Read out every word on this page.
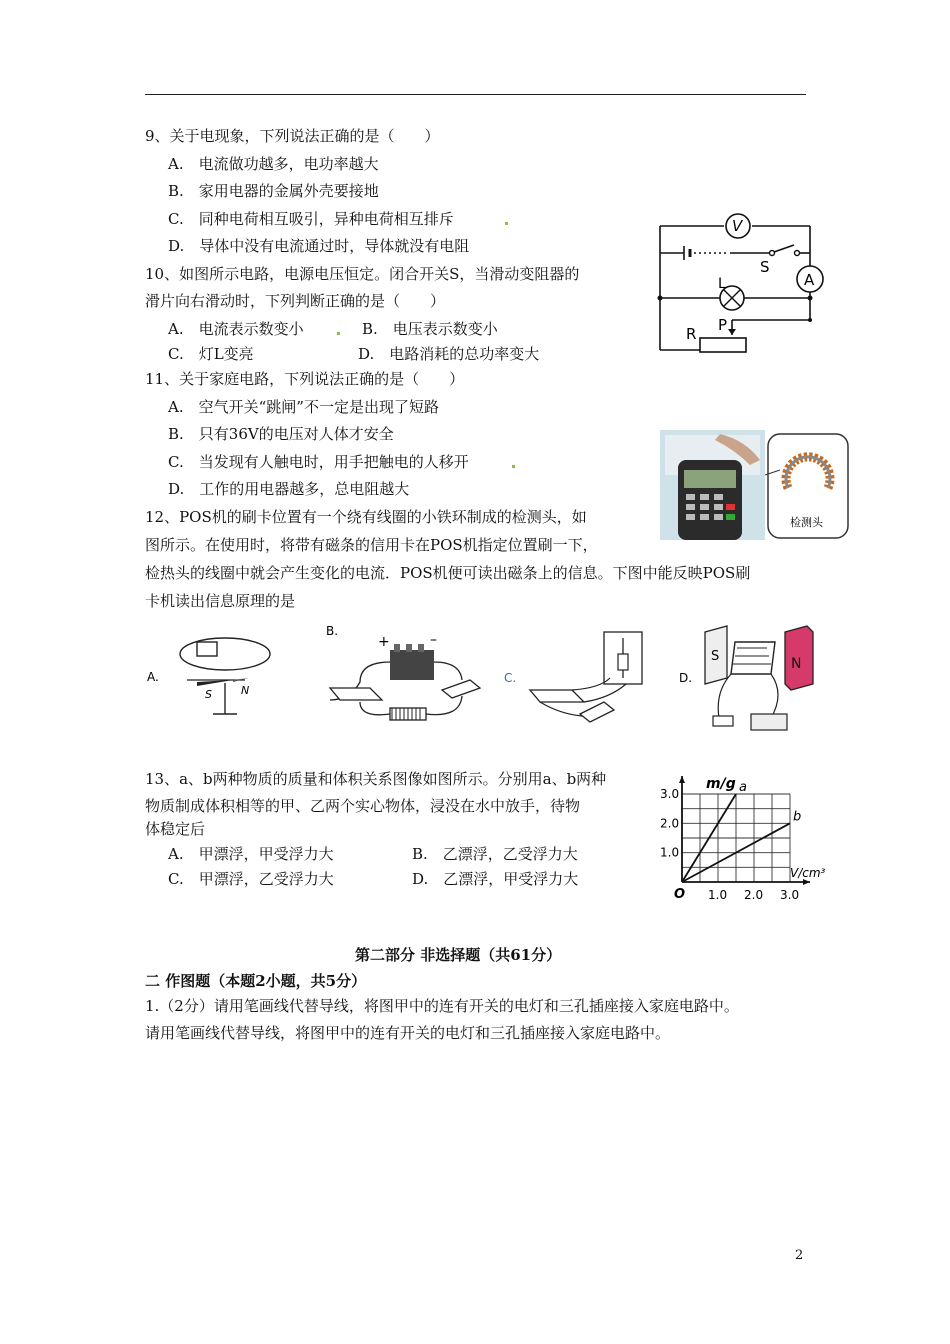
9、关于电现象，下列说法正确的是（　　）
A.　电流做功越多，电功率越大
B.　家用电器的金属外壳要接地
C.　同种电荷相互吸引，异种电荷相互排斥
D.　导体中没有电流通过时，导体就没有电阻
10、如图所示电路，电源电压恒定。闭合开关S，当滑动变阻器的
滑片向右滑动时，下列判断正确的是（　　）
A.　电流表示数变小	B.　电压表示数变小
C.　灯L变亮	D.　电路消耗的总功率变大
V
A
S
L
R P
11、关于家庭电路，下列说法正确的是（　　）
A.　空气开关“跳闸”不一定是出现了短路
B.　只有36V的电压对人体才安全
C.　当发现有人触电时，用手把触电的人移开
D.　工作的用电器越多，总电阻越大
检测头
12、POS机的刷卡位置有一个绕有线圈的小铁环制成的检测头，如
图所示。在使用时，将带有磁条的信用卡在POS机指定位置刷一下，
检热头的线圈中就会产生变化的电流．POS机便可读出磁条上的信息。下图中能反映POS刷
卡机读出信息原理的是
A.
S	N
B.
+	–
C.	D.
S	N
13、a、b两种物质的质量和体积关系图像如图所示。分别用a、b两种
物质制成体积相等的甲、乙两个实心物体，浸没在水中放手，待物
体稳定后
A.　甲漂浮，甲受浮力大	B.　乙漂浮，乙受浮力大
C.　甲漂浮，乙受浮力大	D.　乙漂浮，甲受浮力大
a
b
1.0 2.0 3.0
1.0
2.0
3.0
m/g
V/cm³
O
第二部分 非选择题（共61分）
二 作图题（本题2小题，共5分）
1.（2分）请用笔画线代替导线，将图甲中的连有开关的电灯和三孔插座接入家庭电路中。
请用笔画线代替导线，将图甲中的连有开关的电灯和三孔插座接入家庭电路中。
2
